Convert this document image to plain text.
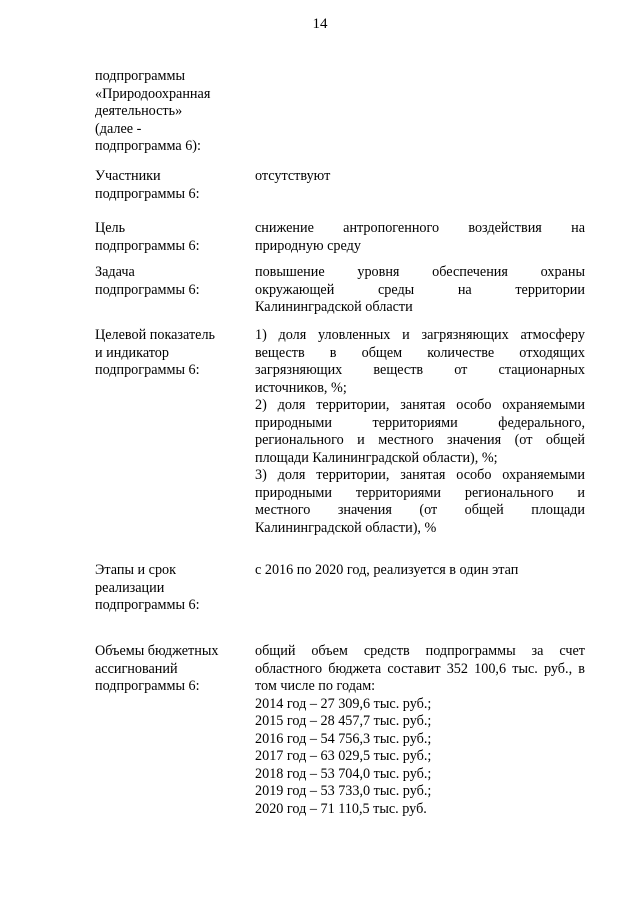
14
подпрограммы
«Природоохранная
деятельность»
(далее -
подпрограмма 6):
Участники
подпрограммы 6:
отсутствуют
Цель
подпрограммы 6:
снижение антропогенного воздействия на
природную среду
Задача
подпрограммы 6:
повышение уровня обеспечения охраны
окружающей среды на территории
Калининградской области
Целевой показатель
и индикатор
подпрограммы 6:
1) доля уловленных и загрязняющих атмосферу
веществ в общем количестве отходящих
загрязняющих веществ от стационарных
источников, %;
2) доля территории, занятая особо охраняемыми
природными территориями федерального,
регионального и местного значения (от общей
площади Калининградской области), %;
3) доля территории, занятая особо охраняемыми
природными территориями регионального и
местного значения (от общей площади
Калининградской области), %
Этапы и срок
реализации
подпрограммы 6:
с 2016 по 2020 год, реализуется в один этап
Объемы бюджетных
ассигнований
подпрограммы 6:
общий объем средств подпрограммы за счет
областного бюджета составит 352 100,6 тыс. руб., в
том числе по годам:
2014 год – 27 309,6 тыс. руб.;
2015 год – 28 457,7 тыс. руб.;
2016 год – 54 756,3 тыс. руб.;
2017 год – 63 029,5 тыс. руб.;
2018 год – 53 704,0 тыс. руб.;
2019 год – 53 733,0 тыс. руб.;
2020 год – 71 110,5 тыс. руб.
